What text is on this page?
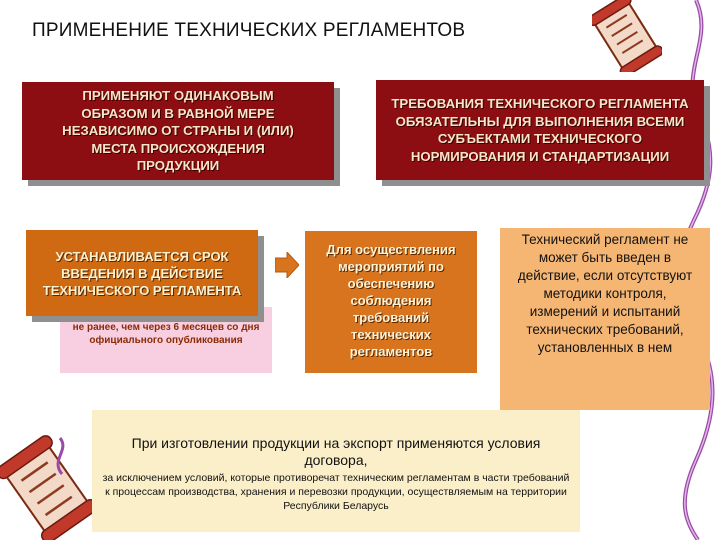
ПРИМЕНЕНИЕ ТЕХНИЧЕСКИХ РЕГЛАМЕНТОВ
ПРИМЕНЯЮТ ОДИНАКОВЫМ ОБРАЗОМ И В РАВНОЙ МЕРЕ НЕЗАВИСИМО ОТ СТРАНЫ И (ИЛИ) МЕСТА ПРОИСХОЖДЕНИЯ ПРОДУКЦИИ
ТРЕБОВАНИЯ ТЕХНИЧЕСКОГО РЕГЛАМЕНТА ОБЯЗАТЕЛЬНЫ ДЛЯ ВЫПОЛНЕНИЯ ВСЕМИ СУБЪЕКТАМИ ТЕХНИЧЕСКОГО НОРМИРОВАНИЯ И СТАНДАРТИЗАЦИИ
не ранее, чем через 6 месяцев со дня официального опубликования
УСТАНАВЛИВАЕТСЯ СРОК ВВЕДЕНИЯ В ДЕЙСТВИЕ ТЕХНИЧЕСКОГО РЕГЛАМЕНТА
Для осуществления мероприятий по обеспечению соблюдения требований технических регламентов
Технический регламент не может быть введен в действие, если отсутствуют методики контроля, измерений и испытаний технических требований, установленных в нем
При изготовлении продукции на экспорт применяются условия договора,
за исключением условий, которые противоречат техническим регламентам в части требований к процессам производства, хранения и перевозки продукции, осуществляемым на территории Республики Беларусь
